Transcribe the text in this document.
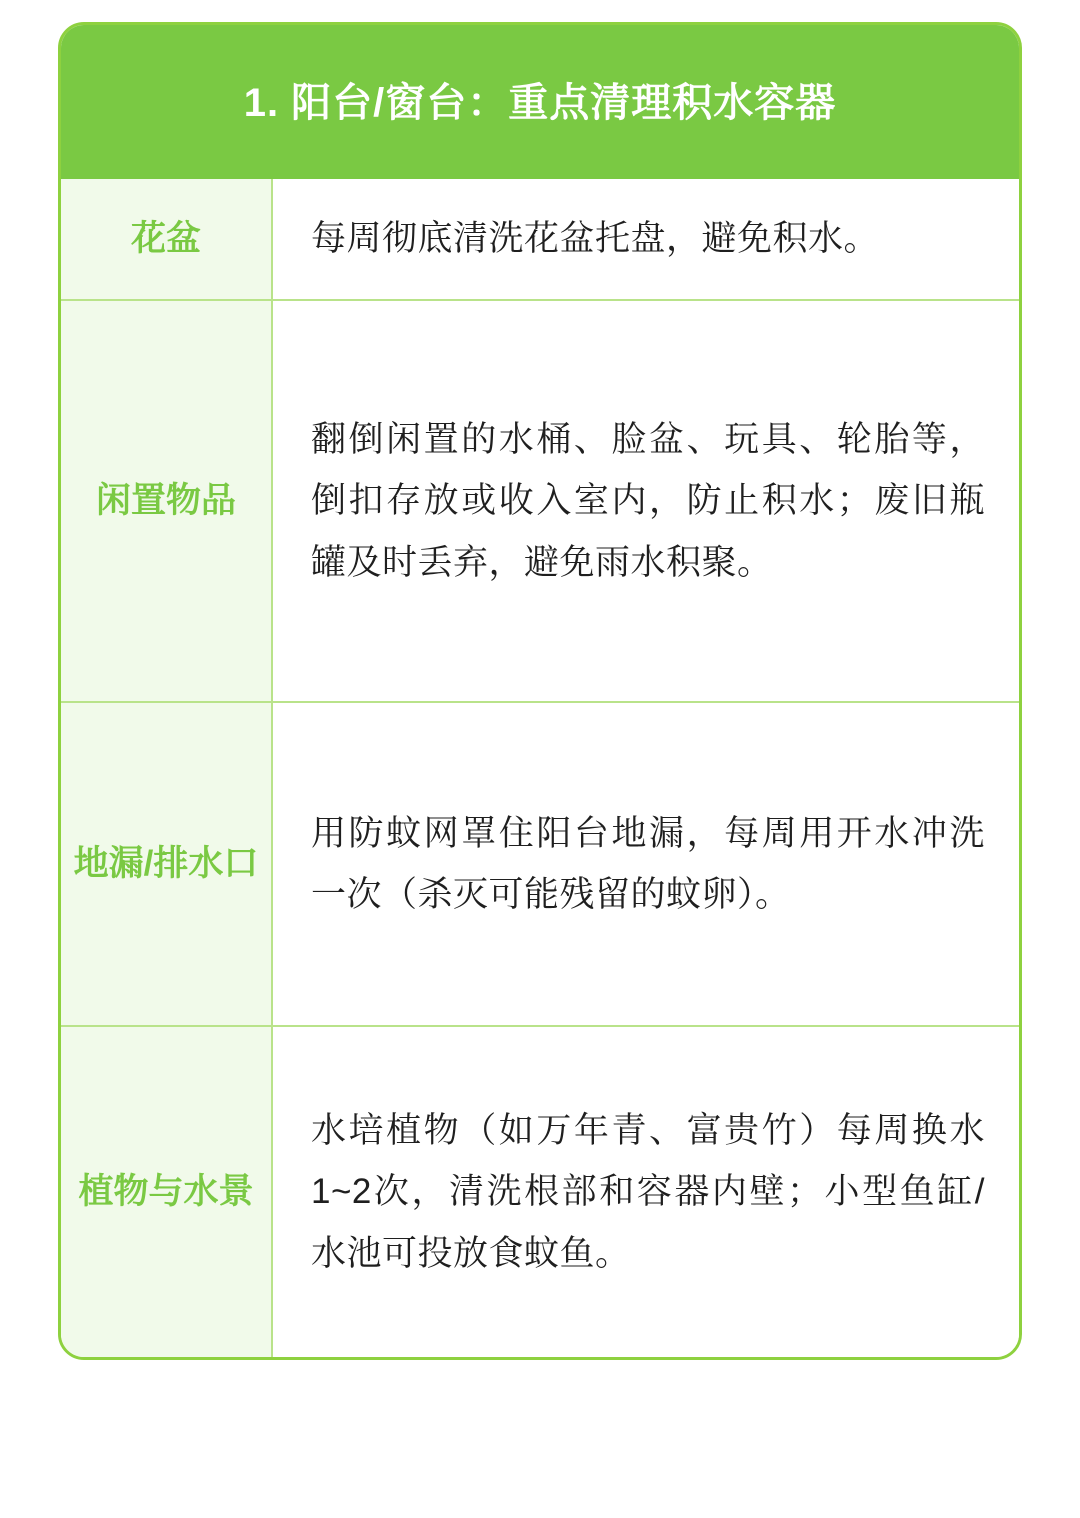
1. 阳台/窗台：重点清理积水容器
花盆	每周彻底清洗花盆托盘，避免积水。
闲置物品
翻倒闲置的水桶、脸盆、玩具、轮胎等，倒扣存放或收入室内，防止积水；废旧瓶罐及时丢弃，避免雨水积聚。
地漏/排水口
用防蚊网罩住阳台地漏，每周用开水冲洗一次（杀灭可能残留的蚊卵）。
植物与水景
水培植物（如万年青、富贵竹）每周换水1~2次，清洗根部和容器内壁；小型鱼缸/水池可投放食蚊鱼。
